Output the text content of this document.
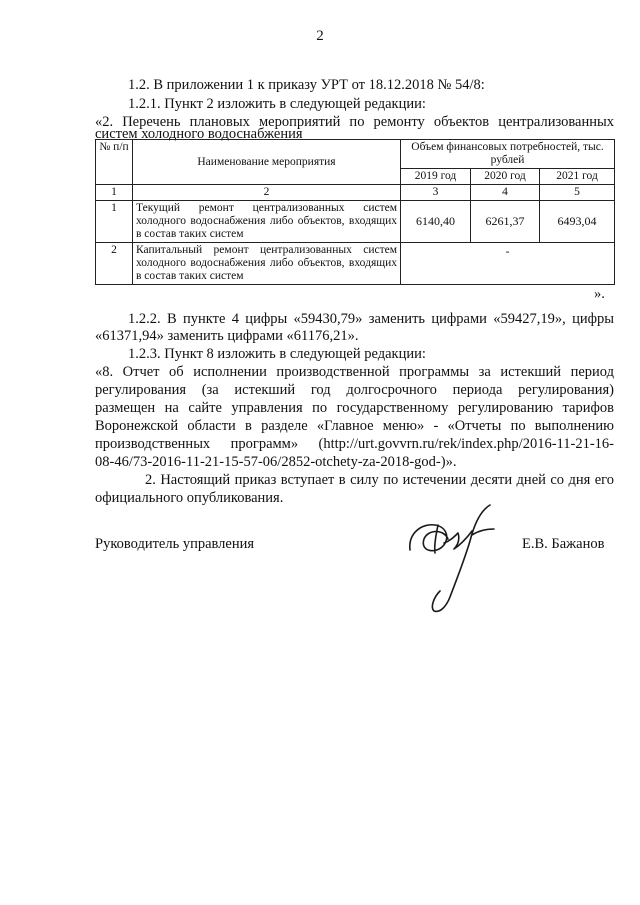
2
1.2. В приложении 1 к приказу УРТ от 18.12.2018 № 54/8:
1.2.1. Пункт 2 изложить в следующей редакции:
«2. Перечень плановых мероприятий по ремонту объектов централизованных
систем холодного водоснабжения
№ п/п	Наименование мероприятия	Объем финансовых потребностей, тыс. рублей		
		2019 год	2020 год	2021 год
1	2	3	4	5
1	Текущий ремонт централизованных систем холодного водоснабжения либо объектов, входящих в состав таких систем	6140,40	6261,37	6493,04
2	Капитальный ремонт централизованных систем холодного водоснабжения либо объектов, входящих в состав таких систем	-		
».
1.2.2. В пункте 4 цифры «59430,79» заменить цифрами «59427,19», цифры
«61371,94» заменить цифрами «61176,21».
1.2.3. Пункт 8 изложить в следующей редакции:
«8. Отчет об исполнении производственной программы за истекший период
регулирования (за истекший год долгосрочного периода регулирования)
размещен на сайте управления по государственному регулированию тарифов
Воронежской области в разделе «Главное меню» - «Отчеты по выполнению
производственных программ» (http://urt.govvrn.ru/rek/index.php/2016-11-21-16-
08-46/73-2016-11-21-15-57-06/2852-otchety-za-2018-god-)».
2. Настоящий приказ вступает в силу по истечении десяти дней со дня его
официального опубликования.
Руководитель управления	Е.В. Бажанов
